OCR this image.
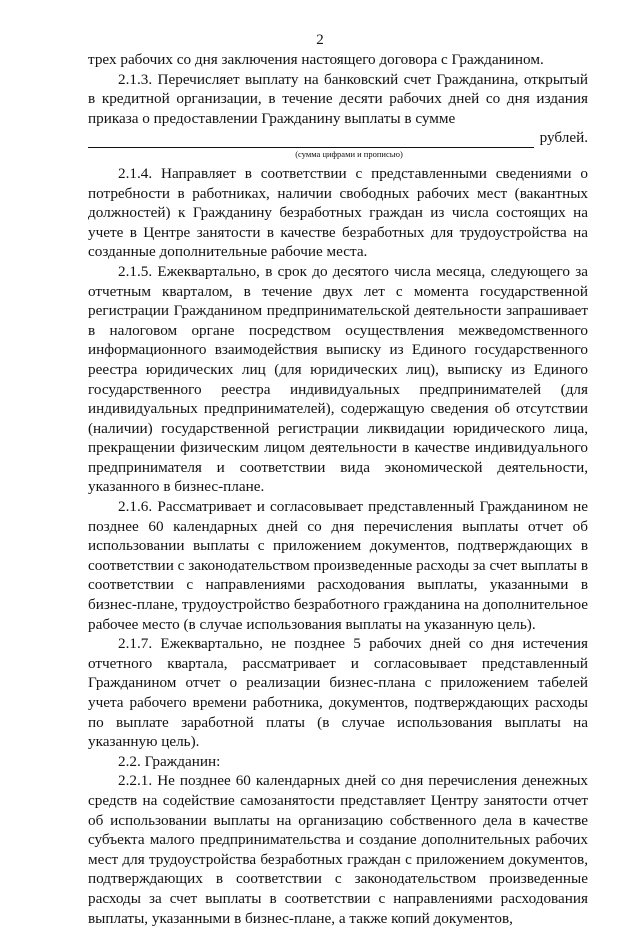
2

трех рабочих со дня заключения настоящего договора с Гражданином.

2.1.3. Перечисляет выплату на банковский счет Гражданина, открытый в кредитной организации, в течение десяти рабочих дней со дня издания приказа о предоставлении Гражданину выплаты в сумме

рублей.
(сумма цифрами и прописью)

2.1.4. Направляет в соответствии с представленными сведениями о потребности в работниках, наличии свободных рабочих мест (вакантных должностей) к Гражданину безработных граждан из числа состоящих на учете в Центре занятости в качестве безработных для трудоустройства на созданные дополнительные рабочие места.

2.1.5. Ежеквартально, в срок до десятого числа месяца, следующего за отчетным кварталом, в течение двух лет с момента государственной регистрации Гражданином предпринимательской деятельности запрашивает в налоговом органе посредством осуществления межведомственного информационного взаимодействия выписку из Единого государственного реестра юридических лиц (для юридических лиц), выписку из Единого государственного реестра индивидуальных предпринимателей (для индивидуальных предпринимателей), содержащую сведения об отсутствии (наличии) государственной регистрации ликвидации юридического лица, прекращении физическим лицом деятельности в качестве индивидуального предпринимателя и соответствии вида экономической деятельности, указанного в бизнес-плане.

2.1.6. Рассматривает и согласовывает представленный Гражданином не позднее 60 календарных дней со дня перечисления выплаты отчет об использовании выплаты с приложением документов, подтверждающих в соответствии с законодательством произведенные расходы за счет выплаты в соответствии с направлениями расходования выплаты, указанными в бизнес-плане, трудоустройство безработного гражданина на дополнительное рабочее место (в случае использования выплаты на указанную цель).

2.1.7. Ежеквартально, не позднее 5 рабочих дней со дня истечения отчетного квартала, рассматривает и согласовывает представленный Гражданином отчет о реализации бизнес-плана с приложением табелей учета рабочего времени работника, документов, подтверждающих расходы по выплате заработной платы (в случае использования выплаты на указанную цель).

2.2. Гражданин:

2.2.1. Не позднее 60 календарных дней со дня перечисления денежных средств на содействие самозанятости представляет Центру занятости отчет об использовании выплаты на организацию собственного дела в качестве субъекта малого предпринимательства и создание дополнительных рабочих мест для трудоустройства безработных граждан с приложением документов, подтверждающих в соответствии с законодательством произведенные расходы за счет выплаты в соответствии с направлениями расходования выплаты, указанными в бизнес-плане, а также копий документов,
